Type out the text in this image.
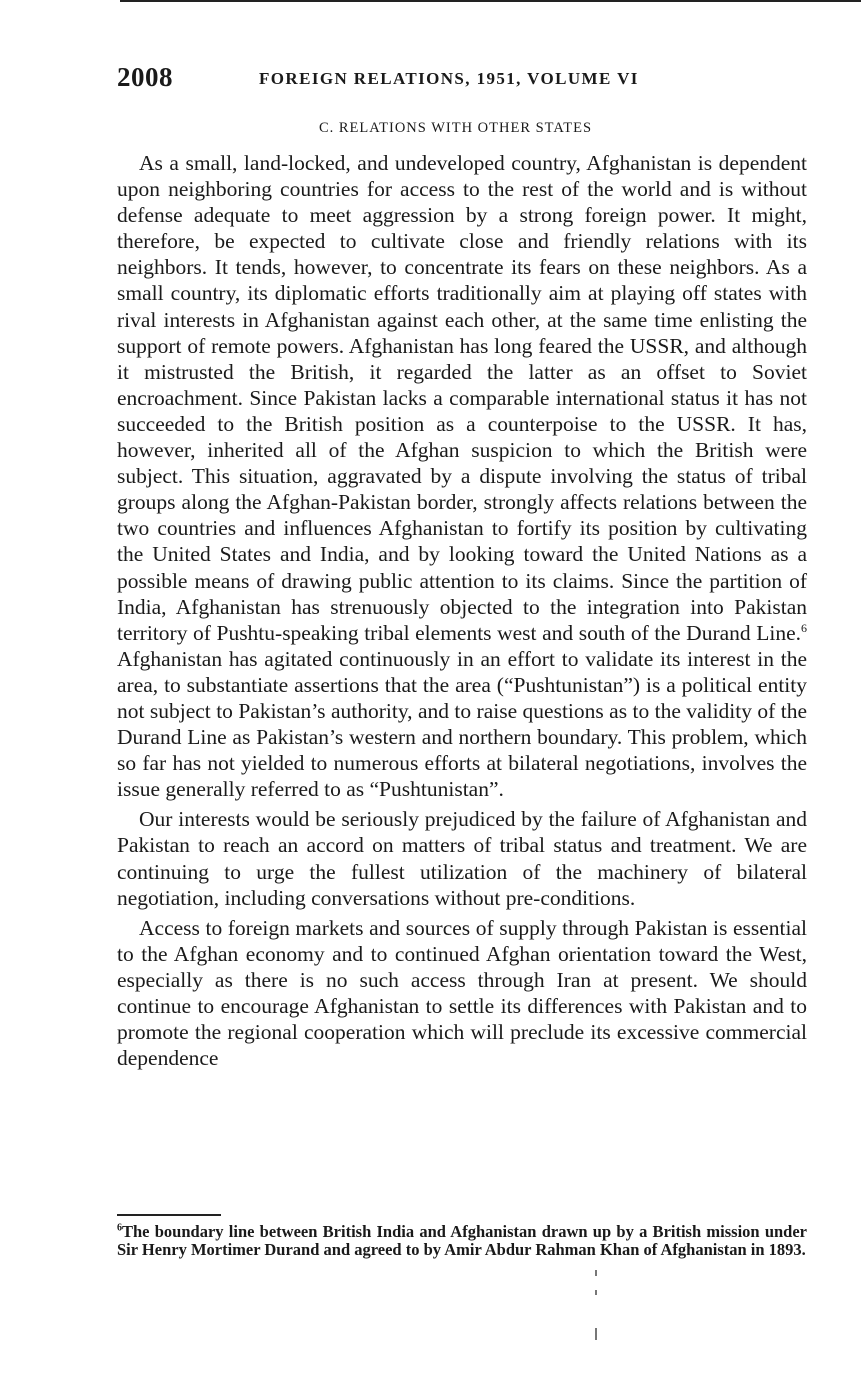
2008	FOREIGN RELATIONS, 1951, VOLUME VI
C. RELATIONS WITH OTHER STATES

As a small, land-locked, and undeveloped country, Afghanistan is dependent upon neighboring countries for access to the rest of the world and is without defense adequate to meet aggression by a strong foreign power. It might, therefore, be expected to cultivate close and friendly relations with its neighbors. It tends, however, to concentrate its fears on these neighbors. As a small country, its diplomatic efforts traditionally aim at playing off states with rival interests in Afghanistan against each other, at the same time enlisting the support of remote powers. Afghanistan has long feared the USSR, and although it mistrusted the British, it regarded the latter as an offset to Soviet encroachment. Since Pakistan lacks a comparable international status it has not succeeded to the British position as a counterpoise to the USSR. It has, however, inherited all of the Afghan suspicion to which the British were subject. This situation, aggravated by a dispute involving the status of tribal groups along the Afghan-Pakistan border, strongly affects relations between the two countries and influences Afghanistan to fortify its position by cultivating the United States and India, and by looking toward the United Nations as a possible means of drawing public attention to its claims. Since the partition of India, Afghanistan has strenuously objected to the integration into Pakistan territory of Pushtu-speaking tribal elements west and south of the Durand Line.$^6$ Afghanistan has agitated continuously in an effort to validate its interest in the area, to substantiate assertions that the area (“Pushtunistan”) is a political entity not subject to Pakistan’s authority, and to raise questions as to the validity of the Durand Line as Pakistan’s western and northern boundary. This problem, which so far has not yielded to numerous efforts at bilateral negotiations, involves the issue generally referred to as “Pushtunistan”.

Our interests would be seriously prejudiced by the failure of Afghanistan and Pakistan to reach an accord on matters of tribal status and treatment. We are continuing to urge the fullest utilization of the machinery of bilateral negotiation, including conversations without pre-conditions.

Access to foreign markets and sources of supply through Pakistan is essential to the Afghan economy and to continued Afghan orientation toward the West, especially as there is no such access through Iran at present. We should continue to encourage Afghanistan to settle its differences with Pakistan and to promote the regional cooperation which will preclude its excessive commercial dependence

$^6$The boundary line between British India and Afghanistan drawn up by a British mission under Sir Henry Mortimer Durand and agreed to by Amir Abdur Rahman Khan of Afghanistan in 1893.
